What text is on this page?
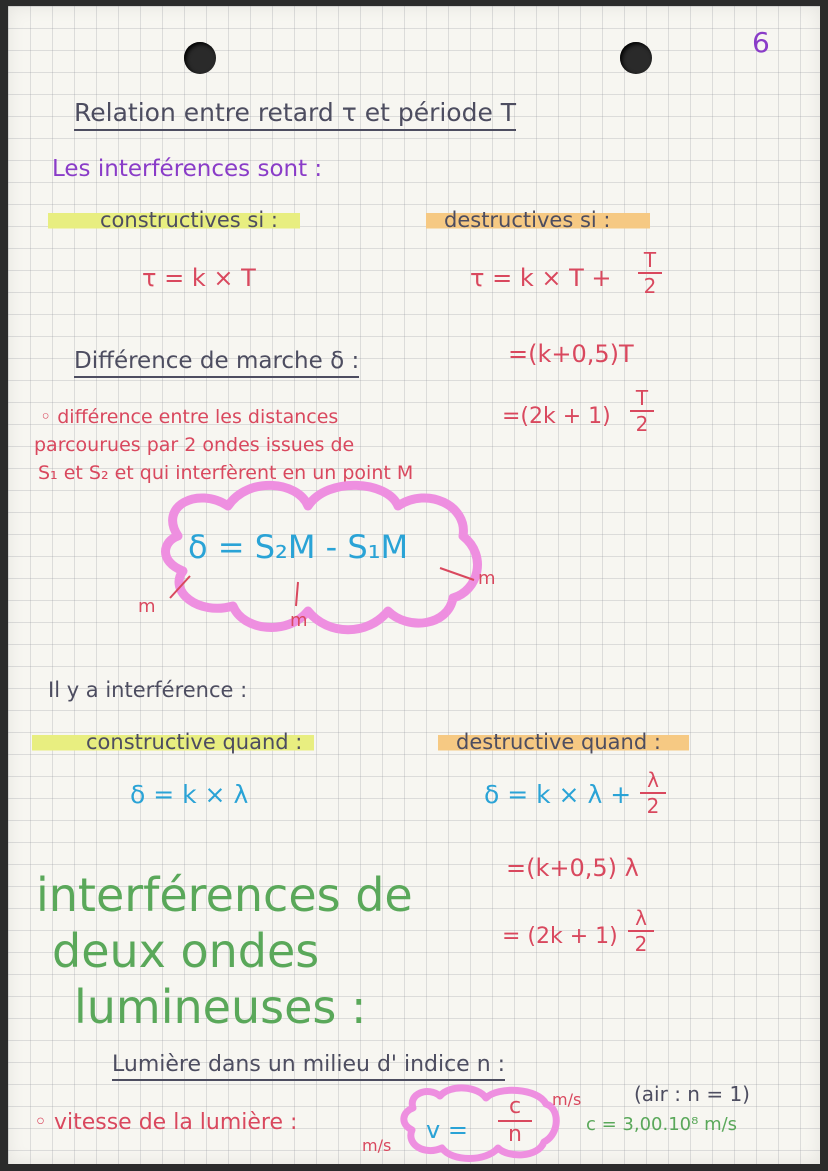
6
Relation entre retard τ et période T
Les interférences sont :
constructives si :	destructives si :
τ = k × T	τ = k × T +
T
2
=(k+0,5)T
=(2k + 1)
T
2
Différence de marche δ :
◦ différence entre les distances
parcourues par 2 ondes issues de
S₁ et S₂ et qui interfèrent en un point M
δ = S₂M - S₁M
m
m
m
Il y a interférence :
constructive quand :	destructive quand :
δ = k × λ	δ = k × λ + λ
2
=(k+0,5) λ
= (2k + 1)
λ
2
interférences de
deux ondes
lumineuses :
Lumière dans un milieu d' indice n :
(air : n = 1)
◦ vitesse de la lumière :	v =
c
n
m/s
m/s
c = 3,00.10⁸ m/s
